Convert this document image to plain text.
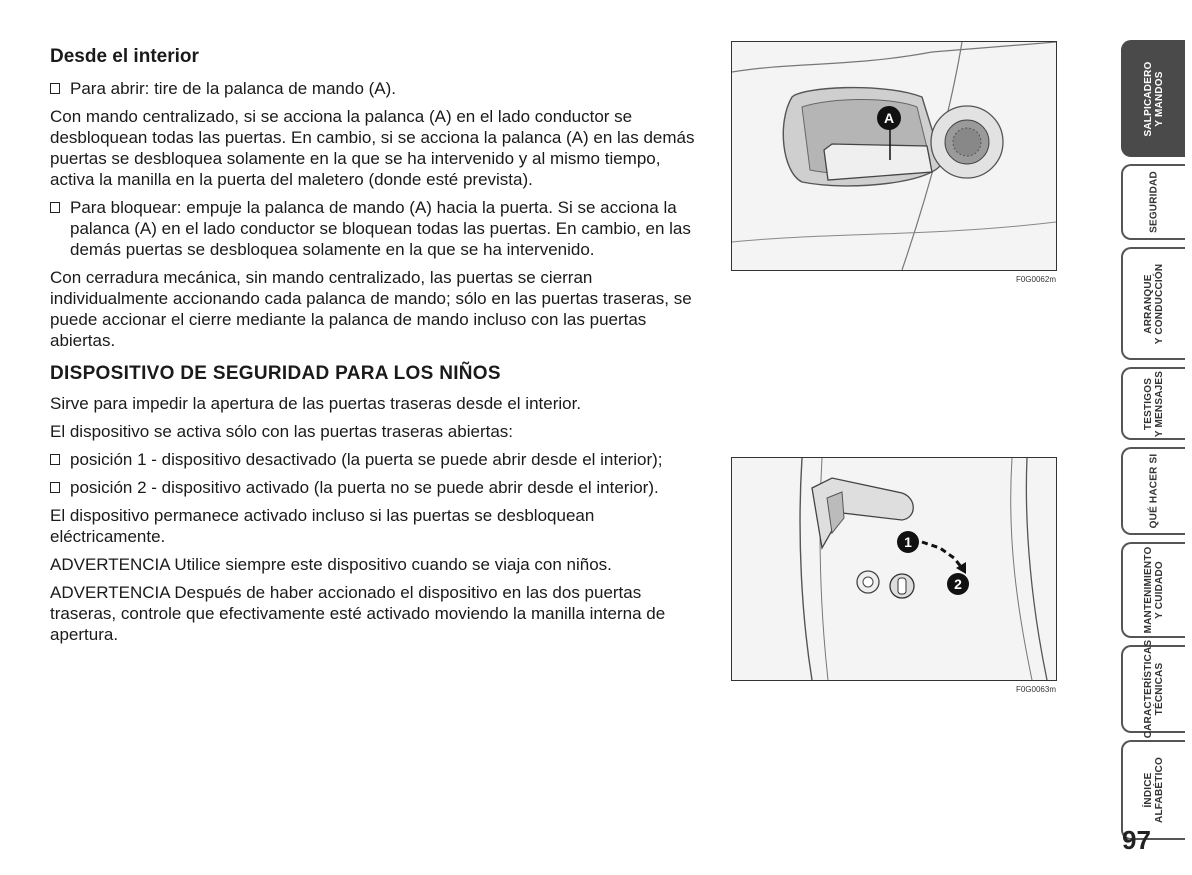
Desde el interior

Para abrir: tire de la palanca de mando (A).

Con mando centralizado, si se acciona la palanca (A) en el lado conductor se desbloquean todas las puertas. En cambio, si se acciona la palanca (A) en las demás puertas se desbloquea solamente en la que se ha intervenido y al mismo tiempo, activa la manilla en la puerta del maletero (donde esté prevista).

Para bloquear: empuje la palanca de mando (A) hacia la puerta. Si se acciona la palanca (A) en el lado conductor se bloquean todas las puertas. En cambio, en las demás puertas se desbloquea solamente en la que se ha intervenido.

Con cerradura mecánica, sin mando centralizado, las puertas se cierran individualmente accionando cada palanca de mando; sólo en las puertas traseras, se puede accionar el cierre mediante la palanca de mando incluso con las puertas abiertas.

DISPOSITIVO DE SEGURIDAD PARA LOS NIÑOS

Sirve para impedir la apertura de las puertas traseras desde el interior.

El dispositivo se activa sólo con las puertas traseras abiertas:

posición 1 - dispositivo desactivado (la puerta se puede abrir desde el interior);

posición 2 - dispositivo activado (la puerta no se puede abrir desde el interior).

El dispositivo permanece activado incluso si las puertas se desbloquean eléctricamente.

ADVERTENCIA Utilice siempre este dispositivo cuando se viaja con niños.

ADVERTENCIA Después de haber accionado el dispositivo en las dos puertas traseras, controle que efectivamente esté activado moviendo la manilla interna de apertura.

A
F0G0062m
1
2
F0G0063m
SALPICADERO Y MANDOS
SEGURIDAD
ARRANQUE Y CONDUCCIÓN
TESTIGOS Y MENSAJES
QUÉ HACER SI
MANTENIMIENTO Y CUIDADO
CARACTERÍSTICAS TÉCNICAS
ÍNDICE ALFABÉTICO
97
